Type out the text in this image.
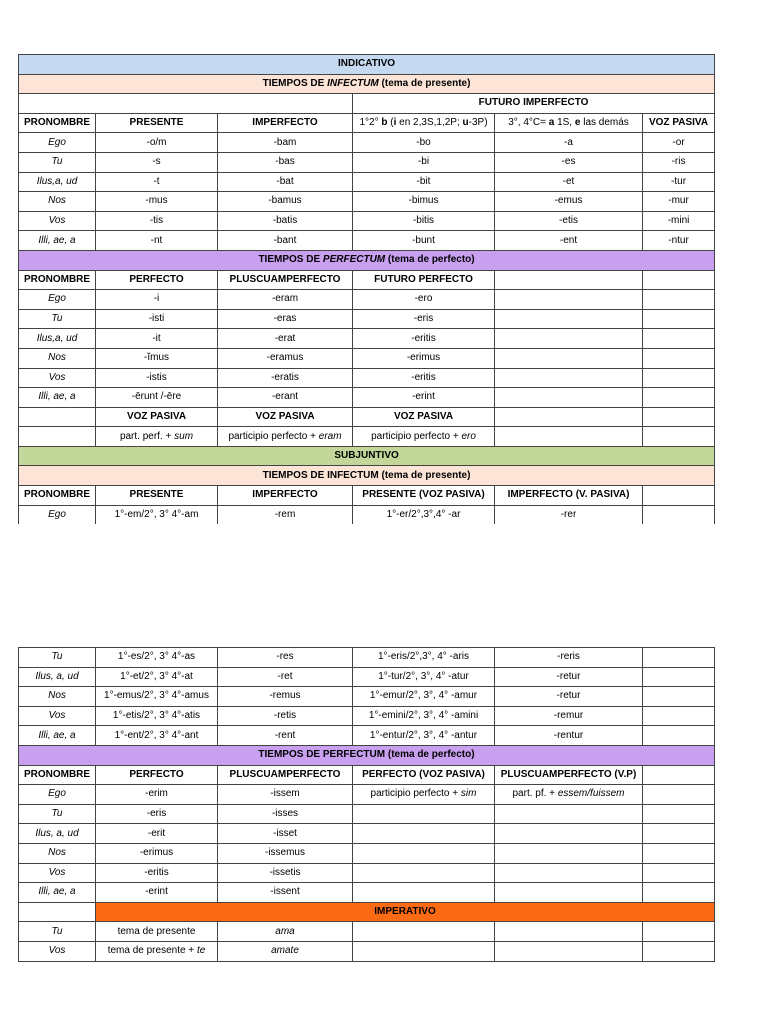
INDICATIVO					
TIEMPOS DE INFECTUM (tema de presente)					
			FUTURO IMPERFECTO		
PRONOMBRE	PRESENTE	IMPERFECTO	1°2° b (i en 2,3S,1,2P; u-3P)	3°, 4°C= a 1S, e las demás	VOZ PASIVA
Ego	-o/m	-bam	-bo	-a	-or
Tu	-s	-bas	-bi	-es	-ris
Ilus,a, ud	-t	-bat	-bit	-et	-tur
Nos	-mus	-bamus	-bimus	-emus	-mur
Vos	-tis	-batis	-bitis	-etis	-mini
Illi, ae, a	-nt	-bant	-bunt	-ent	-ntur
TIEMPOS DE PERFECTUM (tema de perfecto)					
PRONOMBRE	PERFECTO	PLUSCUAMPERFECTO	FUTURO PERFECTO		
Ego	-i	-eram	-ero		
Tu	-isti	-eras	-eris		
Ilus,a, ud	-it	-erat	-eritis		
Nos	-ĭmus	-eramus	-erimus		
Vos	-istis	-eratis	-eritis		
Illi, ae, a	-ērunt /-ēre	-erant	-erint		
	VOZ PASIVA	VOZ PASIVA	VOZ PASIVA		
	part. perf. + sum	participio perfecto + eram	participio perfecto + ero		
SUBJUNTIVO					
TIEMPOS DE INFECTUM (tema de presente)					
PRONOMBRE	PRESENTE	IMPERFECTO	PRESENTE (VOZ PASIVA)	IMPERFECTO (V. PASIVA)	
Ego	1°-em/2°, 3° 4°-am	-rem	1°-er/2°,3°,4° -ar	-rer	
Tu	1°-es/2°, 3° 4°-as	-res	1°-eris/2°,3°, 4° -aris	-reris	
Ilus, a, ud	1°-et/2°, 3° 4°-at	-ret	1°-tur/2°, 3°, 4° -atur	-retur	
Nos	1°-emus/2°, 3° 4°-amus	-remus	1°-emur/2°, 3°, 4° -amur	-retur	
Vos	1°-etis/2°, 3° 4°-atis	-retis	1°-emini/2°, 3°, 4° -amini	-remur	
Illi, ae, a	1°-ent/2°, 3° 4°-ant	-rent	1°-entur/2°, 3°, 4° -antur	-rentur	
TIEMPOS DE PERFECTUM (tema de perfecto)					
PRONOMBRE	PERFECTO	PLUSCUAMPERFECTO	PERFECTO (VOZ PASIVA)	PLUSCUAMPERFECTO (V.P)	
Ego	-erim	-issem	participio perfecto + sim	part. pf. + essem/fuissem	
Tu	-eris	-isses			
Ilus, a, ud	-erit	-isset			
Nos	-erimus	-issemus			
Vos	-eritis	-issetis			
Illi, ae, a	-erint	-issent			
	IMPERATIVO				
Tu	tema de presente	ama			
Vos	tema de presente + te	amate			
